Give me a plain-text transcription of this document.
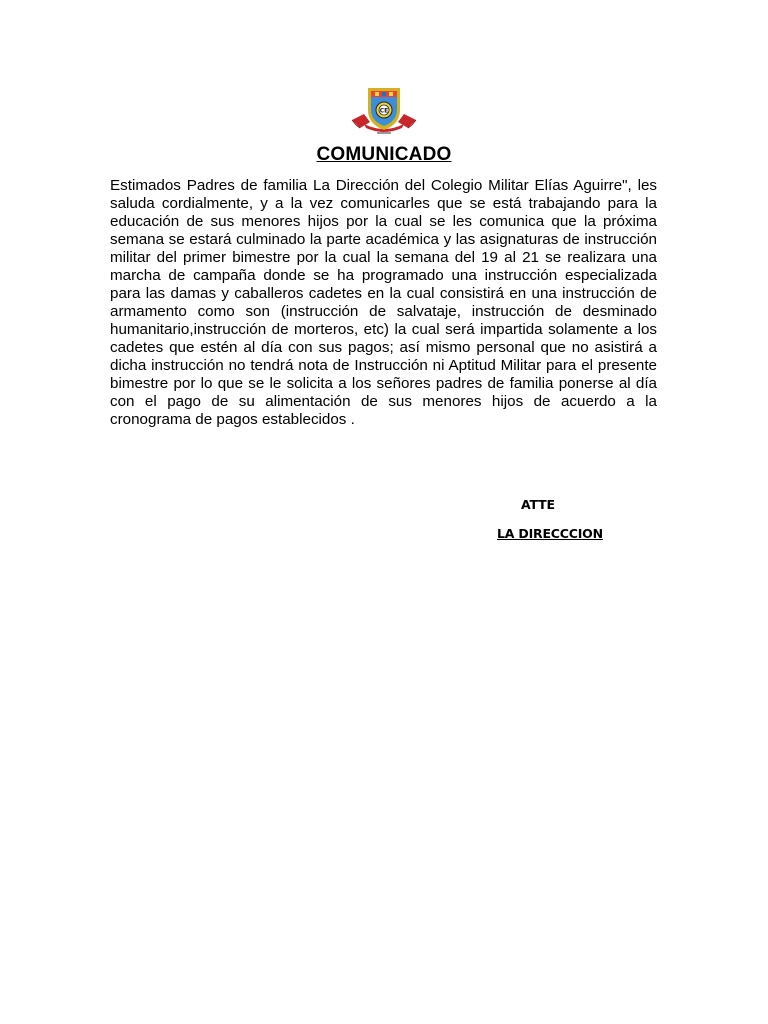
CE
COMUNICADO

Estimados Padres de familia La Dirección del Colegio Militar Elías Aguirre", les saluda cordialmente, y a la vez comunicarles que se está trabajando para la educación de sus menores hijos por la cual se les comunica que la próxima semana se estará culminado la parte académica y las asignaturas de instrucción militar del primer bimestre por la cual la semana del 19 al 21 se realizara una marcha de campaña donde se ha programado una instrucción especializada para las damas y caballeros cadetes en la cual consistirá en una instrucción de armamento como son (instrucción de salvataje, instrucción de desminado humanitario,instrucción de morteros, etc) la cual será impartida solamente a los cadetes que estén al día con sus pagos; así mismo personal que no asistirá a dicha instrucción no tendrá nota de Instrucción ni Aptitud Militar para el presente bimestre por lo que se le solicita a los señores padres de familia ponerse al día con el pago de su alimentación de sus menores hijos de acuerdo a la cronograma de pagos establecidos .

ATTE
LA DIRECCCION
